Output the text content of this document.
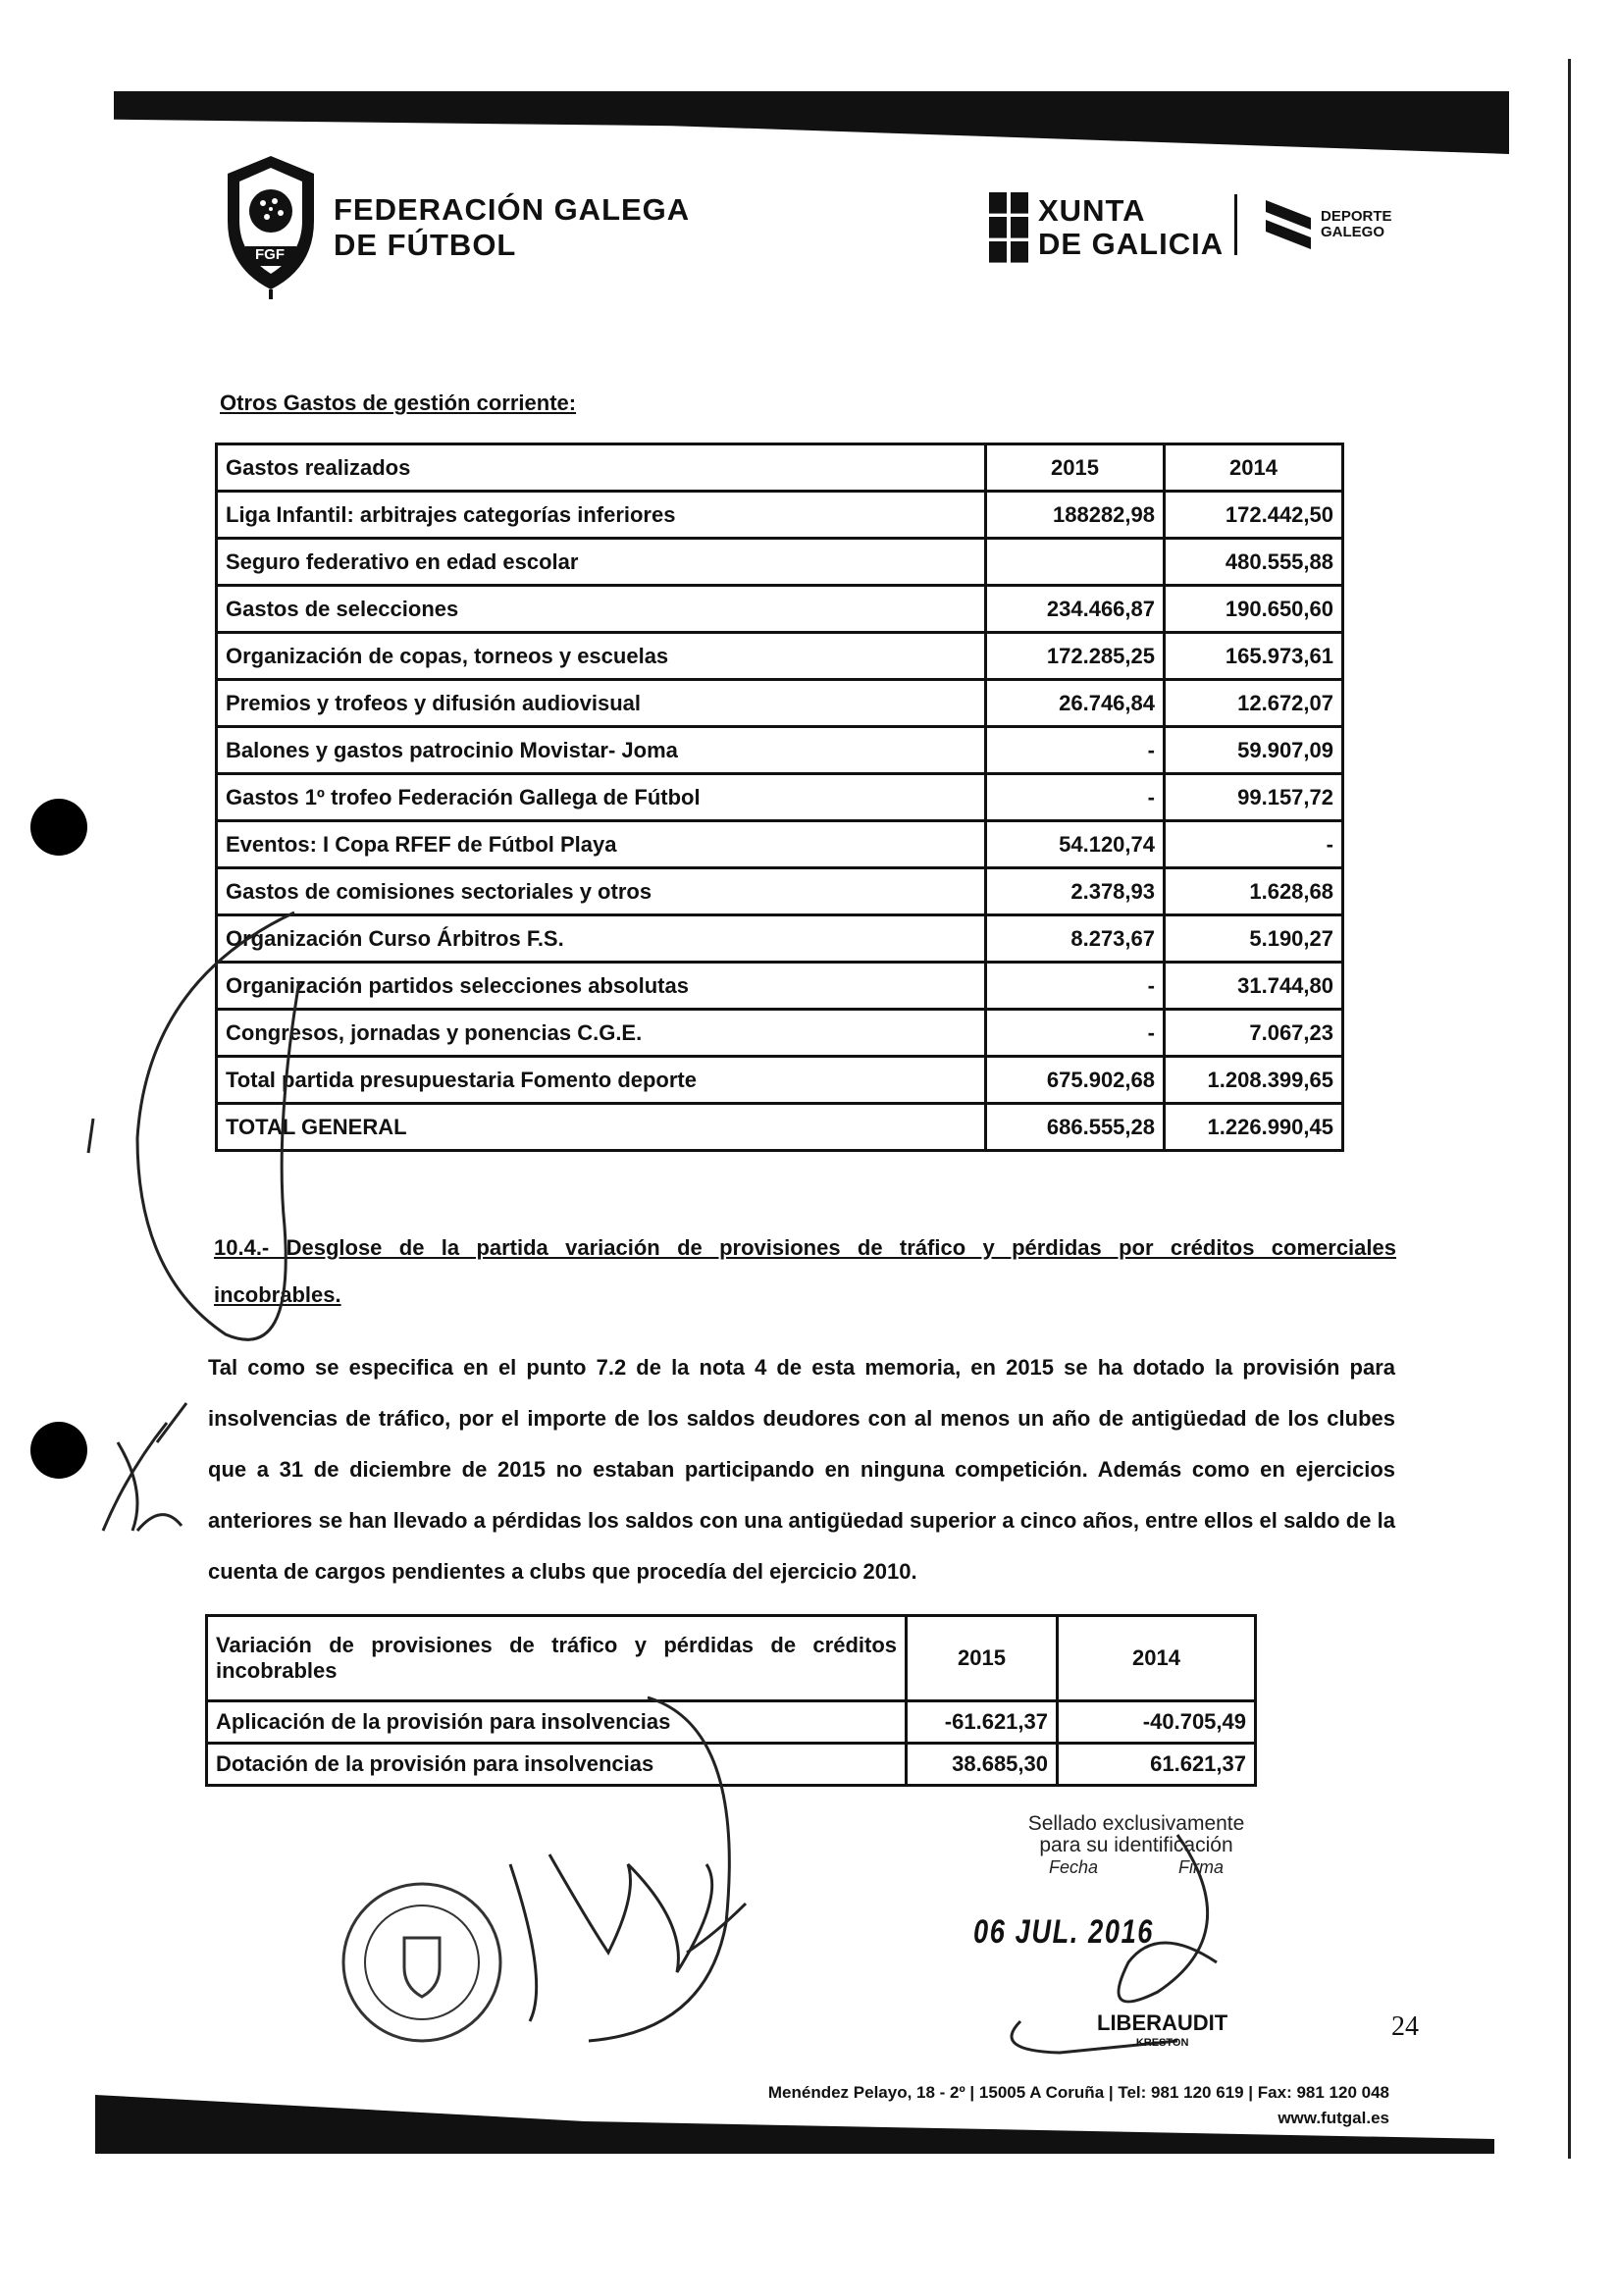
FGF
FEDERACIÓN GALEGA
DE FÚTBOL
XUNTA
DE GALICIA
DEPORTE
GALEGO
Otros Gastos de gestión corriente:
Gastos realizados	2015	2014
Liga Infantil: arbitrajes categorías inferiores	188282,98	172.442,50
Seguro federativo en edad escolar		480.555,88
Gastos de selecciones	234.466,87	190.650,60
Organización de copas, torneos y escuelas	172.285,25	165.973,61
Premios y trofeos y difusión audiovisual	26.746,84	12.672,07
Balones y gastos patrocinio Movistar- Joma	-	59.907,09
Gastos 1º trofeo Federación Gallega de Fútbol	-	99.157,72
Eventos: I Copa RFEF de Fútbol Playa	54.120,74	-
Gastos de comisiones sectoriales y otros	2.378,93	1.628,68
Organización Curso Árbitros F.S.	8.273,67	5.190,27
Organización partidos selecciones absolutas	-	31.744,80
Congresos, jornadas y ponencias C.G.E.	-	7.067,23
Total partida presupuestaria Fomento deporte	675.902,68	1.208.399,65
TOTAL GENERAL	686.555,28	1.226.990,45
10.4.- Desglose de la partida variación de provisiones de tráfico y pérdidas por créditos comerciales
incobrables.
Tal como se especifica en el punto 7.2 de la nota 4 de esta memoria, en 2015 se ha dotado la provisión para insolvencias de tráfico, por el importe de los saldos deudores con al menos un año de antigüedad de los clubes que a 31 de diciembre de 2015 no estaban participando en ninguna competición. Además como en ejercicios anteriores se han llevado a pérdidas los saldos con una antigüedad superior a cinco años, entre ellos el saldo de la cuenta de cargos pendientes a clubs que procedía del ejercicio 2010.
Variación de provisiones de tráfico y pérdidas de créditos incobrables	2015	2014
Aplicación de la provisión para insolvencias	-61.621,37	-40.705,49
Dotación de la provisión para insolvencias	38.685,30	61.621,37
Sellado exclusivamente
para su identificación
Fecha	Firma
06 JUL. 2016
LIBERAUDIT
KRESTON
24
Menéndez Pelayo, 18 - 2º | 15005 A Coruña | Tel: 981 120 619 | Fax: 981 120 048
www.futgal.es
